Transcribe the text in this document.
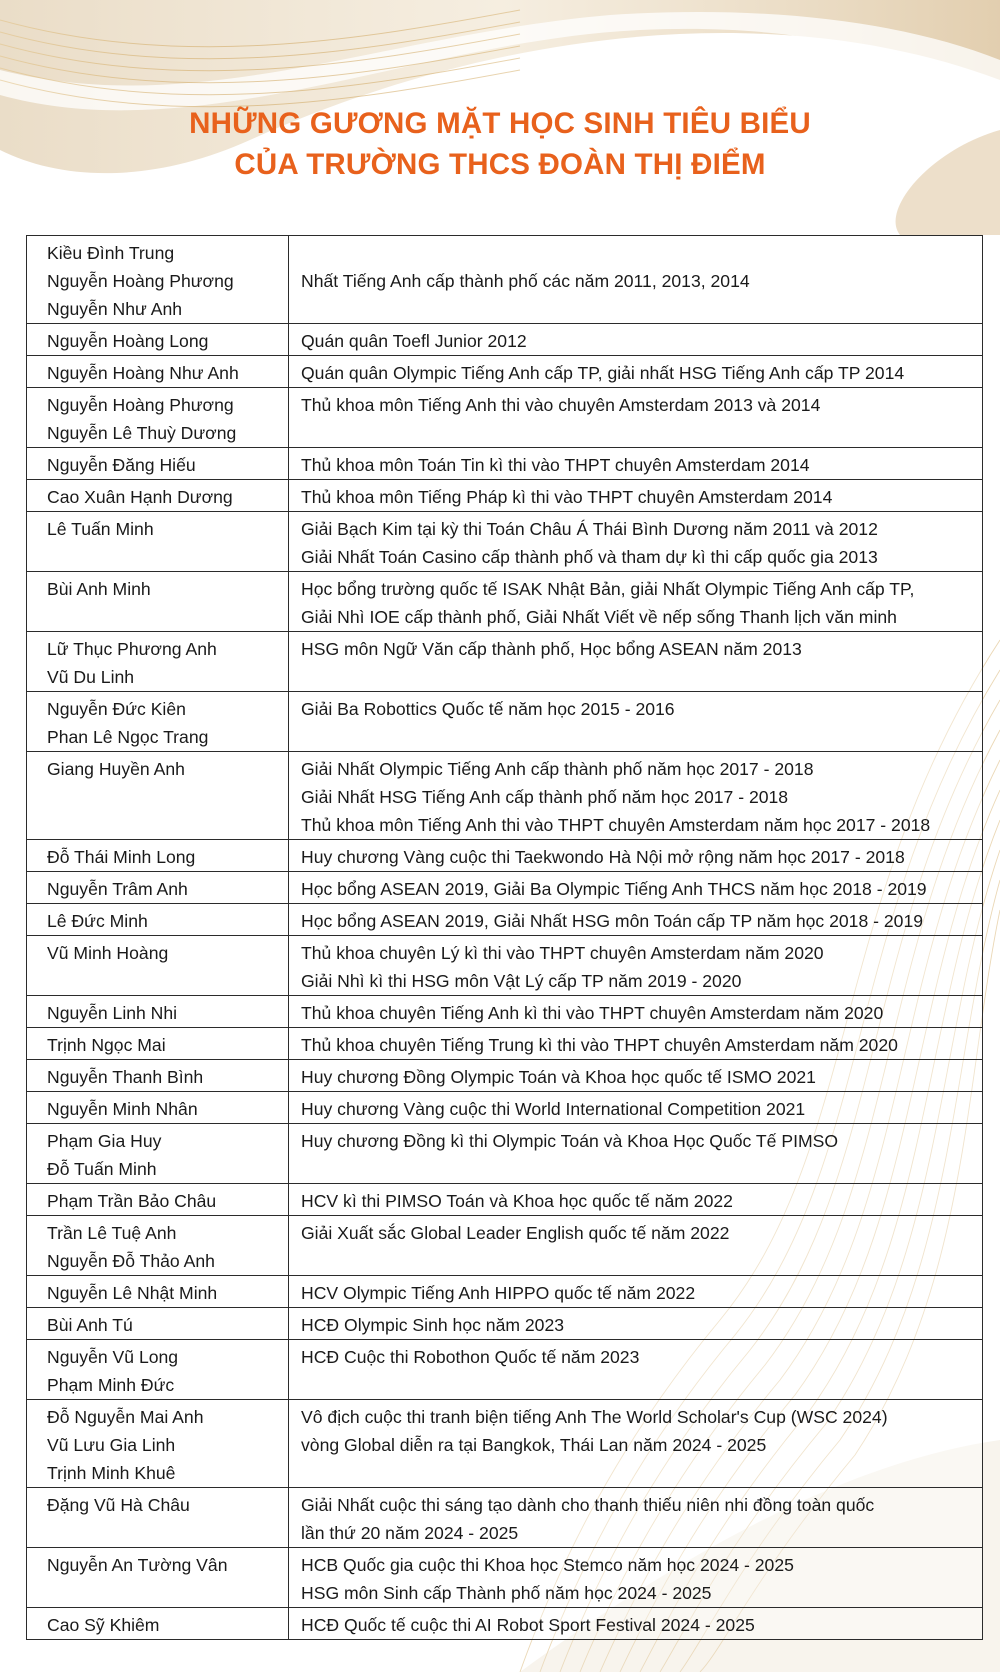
NHỮNG GƯƠNG MẶT HỌC SINH TIÊU BIỂU
CỦA TRƯỜNG THCS ĐOÀN THỊ ĐIỂM
Kiều Đình Trung
Nguyễn Hoàng Phương
Nguyễn Như Anh	Nhất Tiếng Anh cấp thành phố các năm 2011, 2013, 2014

Nguyễn Hoàng Long	Quán quân Toefl Junior 2012

Nguyễn Hoàng Như Anh	Quán quân Olympic Tiếng Anh cấp TP, giải nhất HSG Tiếng Anh cấp TP 2014

Nguyễn Hoàng Phương
Nguyễn Lê Thuỳ Dương	Thủ khoa môn Tiếng Anh thi vào chuyên Amsterdam 2013 và 2014

Nguyễn Đăng Hiếu	Thủ khoa môn Toán Tin kì thi vào THPT chuyên Amsterdam 2014

Cao Xuân Hạnh Dương	Thủ khoa môn Tiếng Pháp kì thi vào THPT chuyên Amsterdam 2014

Lê Tuấn Minh	Giải Bạch Kim tại kỳ thi Toán Châu Á Thái Bình Dương năm 2011 và 2012
Giải Nhất Toán Casino cấp thành phố và tham dự kì thi cấp quốc gia 2013

Bùi Anh Minh	Học bổng trường quốc tế ISAK Nhật Bản, giải Nhất Olympic Tiếng Anh cấp TP,
Giải Nhì IOE cấp thành phố, Giải Nhất Viết về nếp sống Thanh lịch văn minh

Lữ Thục Phương Anh
Vũ Du Linh	HSG môn Ngữ Văn cấp thành phố, Học bổng ASEAN năm 2013

Nguyễn Đức Kiên
Phan Lê Ngọc Trang	Giải Ba Robottics Quốc tế năm học 2015 - 2016

Giang Huyền Anh	Giải Nhất Olympic Tiếng Anh cấp thành phố năm học 2017 - 2018
Giải Nhất HSG Tiếng Anh cấp thành phố năm học 2017 - 2018
Thủ khoa môn Tiếng Anh thi vào THPT chuyên Amsterdam năm học 2017 - 2018

Đỗ Thái Minh Long	Huy chương Vàng cuộc thi Taekwondo Hà Nội mở rộng năm học 2017 - 2018

Nguyễn Trâm Anh	Học bổng ASEAN 2019, Giải Ba Olympic Tiếng Anh THCS năm học 2018 - 2019

Lê Đức Minh	Học bổng ASEAN 2019, Giải Nhất HSG môn Toán cấp TP năm học 2018 - 2019

Vũ Minh Hoàng	Thủ khoa chuyên Lý kì thi vào THPT chuyên Amsterdam năm 2020
Giải Nhì kì thi HSG môn Vật Lý cấp TP năm 2019 - 2020

Nguyễn Linh Nhi	Thủ khoa chuyên Tiếng Anh kì thi vào THPT chuyên Amsterdam năm 2020

Trịnh Ngọc Mai	Thủ khoa chuyên Tiếng Trung kì thi vào THPT chuyên Amsterdam năm 2020

Nguyễn Thanh Bình	Huy chương Đồng Olympic Toán và Khoa học quốc tế ISMO 2021

Nguyễn Minh Nhân	Huy chương Vàng cuộc thi World International Competition 2021

Phạm Gia Huy
Đỗ Tuấn Minh	Huy chương Đồng kì thi Olympic Toán và Khoa Học Quốc Tế PIMSO

Phạm Trần Bảo Châu	HCV kì thi PIMSO Toán và Khoa học quốc tế năm 2022

Trần Lê Tuệ Anh
Nguyễn Đỗ Thảo Anh	Giải Xuất sắc Global Leader English quốc tế năm 2022

Nguyễn Lê Nhật Minh	HCV Olympic Tiếng Anh HIPPO quốc tế năm 2022

Bùi Anh Tú	HCĐ Olympic Sinh học năm 2023

Nguyễn Vũ Long
Phạm Minh Đức	HCĐ Cuộc thi Robothon Quốc tế năm 2023

Đỗ Nguyễn Mai Anh
Vũ Lưu Gia Linh
Trịnh Minh Khuê	Vô địch cuộc thi tranh biện tiếng Anh The World Scholar's Cup (WSC 2024)
vòng Global diễn ra tại Bangkok, Thái Lan năm 2024 - 2025

Đặng Vũ Hà Châu	Giải Nhất cuộc thi sáng tạo dành cho thanh thiếu niên nhi đồng toàn quốc
lần thứ 20 năm 2024 - 2025

Nguyễn An Tường Vân	HCB Quốc gia cuộc thi Khoa học Stemco năm học 2024 - 2025
HSG môn Sinh cấp Thành phố năm học 2024 - 2025

Cao Sỹ Khiêm	HCĐ Quốc tế cuộc thi AI Robot Sport Festival 2024 - 2025
